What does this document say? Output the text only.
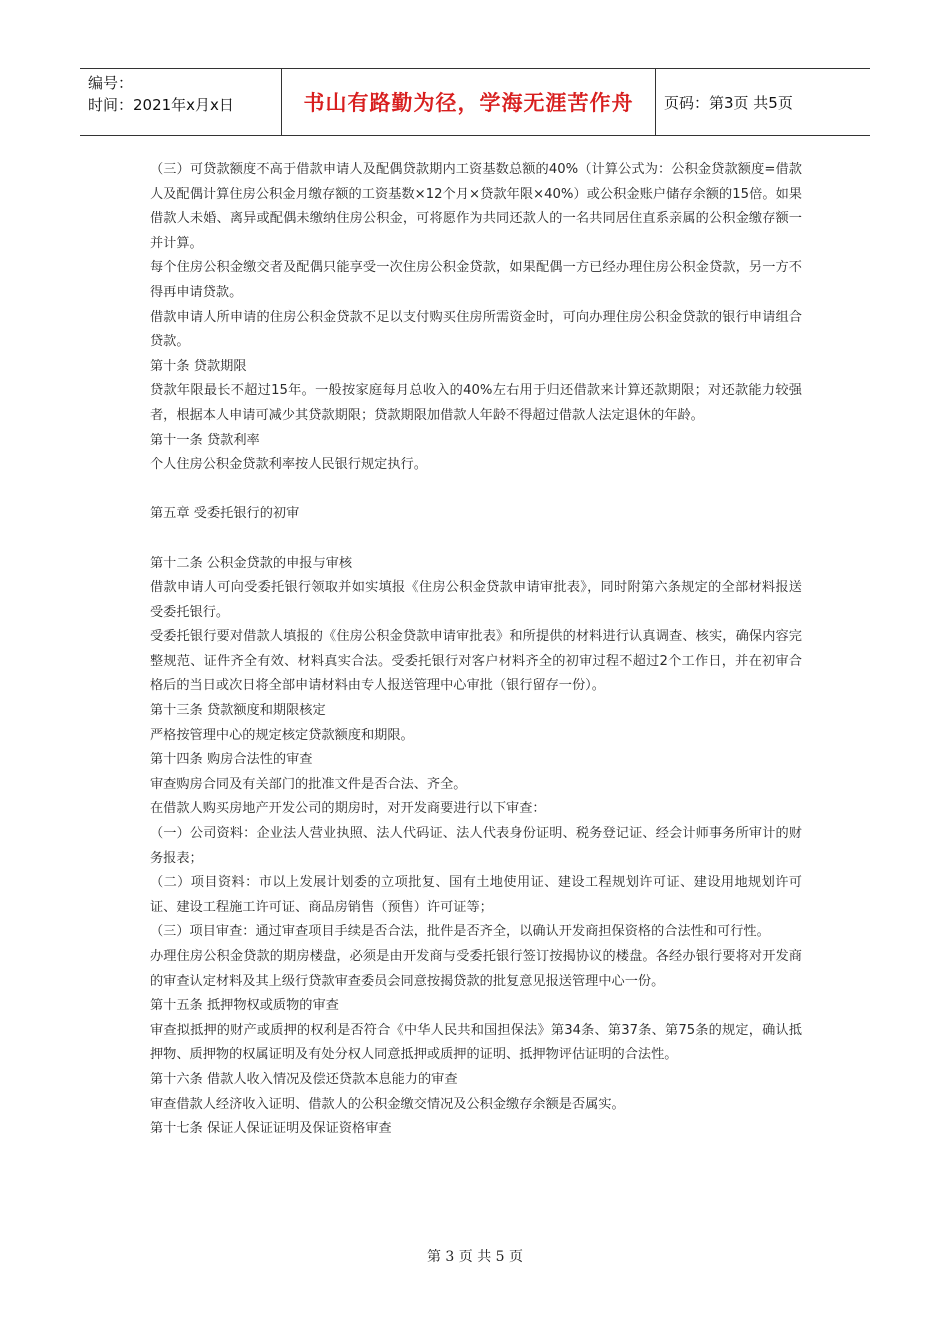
编号：
时间：2021年x月x日	书山有路勤为径，学海无涯苦作舟	页码：第3页 共5页

（三）可贷款额度不高于借款申请人及配偶贷款期内工资基数总额的40%（计算公式为：公积金贷款额度=借款人及配偶计算住房公积金月缴存额的工资基数×12个月×贷款年限×40%）或公积金账户储存余额的15倍。如果借款人未婚、离异或配偶未缴纳住房公积金，可将愿作为共同还款人的一名共同居住直系亲属的公积金缴存额一并计算。

每个住房公积金缴交者及配偶只能享受一次住房公积金贷款，如果配偶一方已经办理住房公积金贷款，另一方不得再申请贷款。

借款申请人所申请的住房公积金贷款不足以支付购买住房所需资金时，可向办理住房公积金贷款的银行申请组合贷款。

第十条 贷款期限

贷款年限最长不超过15年。一般按家庭每月总收入的40%左右用于归还借款来计算还款期限；对还款能力较强者，根据本人申请可减少其贷款期限；贷款期限加借款人年龄不得超过借款人法定退休的年龄。

第十一条 贷款利率

个人住房公积金贷款利率按人民银行规定执行。

第五章 受委托银行的初审

第十二条 公积金贷款的申报与审核

借款申请人可向受委托银行领取并如实填报《住房公积金贷款申请审批表》，同时附第六条规定的全部材料报送受委托银行。

受委托银行要对借款人填报的《住房公积金贷款申请审批表》和所提供的材料进行认真调查、核实，确保内容完整规范、证件齐全有效、材料真实合法。受委托银行对客户材料齐全的初审过程不超过2个工作日，并在初审合格后的当日或次日将全部申请材料由专人报送管理中心审批（银行留存一份）。

第十三条 贷款额度和期限核定

严格按管理中心的规定核定贷款额度和期限。

第十四条 购房合法性的审查

审查购房合同及有关部门的批准文件是否合法、齐全。

在借款人购买房地产开发公司的期房时，对开发商要进行以下审查：

（一）公司资料：企业法人营业执照、法人代码证、法人代表身份证明、税务登记证、经会计师事务所审计的财务报表；

（二）项目资料：市以上发展计划委的立项批复、国有土地使用证、建设工程规划许可证、建设用地规划许可证、建设工程施工许可证、商品房销售（预售）许可证等；

（三）项目审查：通过审查项目手续是否合法，批件是否齐全，以确认开发商担保资格的合法性和可行性。

办理住房公积金贷款的期房楼盘，必须是由开发商与受委托银行签订按揭协议的楼盘。各经办银行要将对开发商的审查认定材料及其上级行贷款审查委员会同意按揭贷款的批复意见报送管理中心一份。

第十五条 抵押物权或质物的审查

审查拟抵押的财产或质押的权利是否符合《中华人民共和国担保法》第34条、第37条、第75条的规定，确认抵押物、质押物的权属证明及有处分权人同意抵押或质押的证明、抵押物评估证明的合法性。

第十六条 借款人收入情况及偿还贷款本息能力的审查

审查借款人经济收入证明、借款人的公积金缴交情况及公积金缴存余额是否属实。

第十七条 保证人保证证明及保证资格审查

第 3 页 共 5 页
